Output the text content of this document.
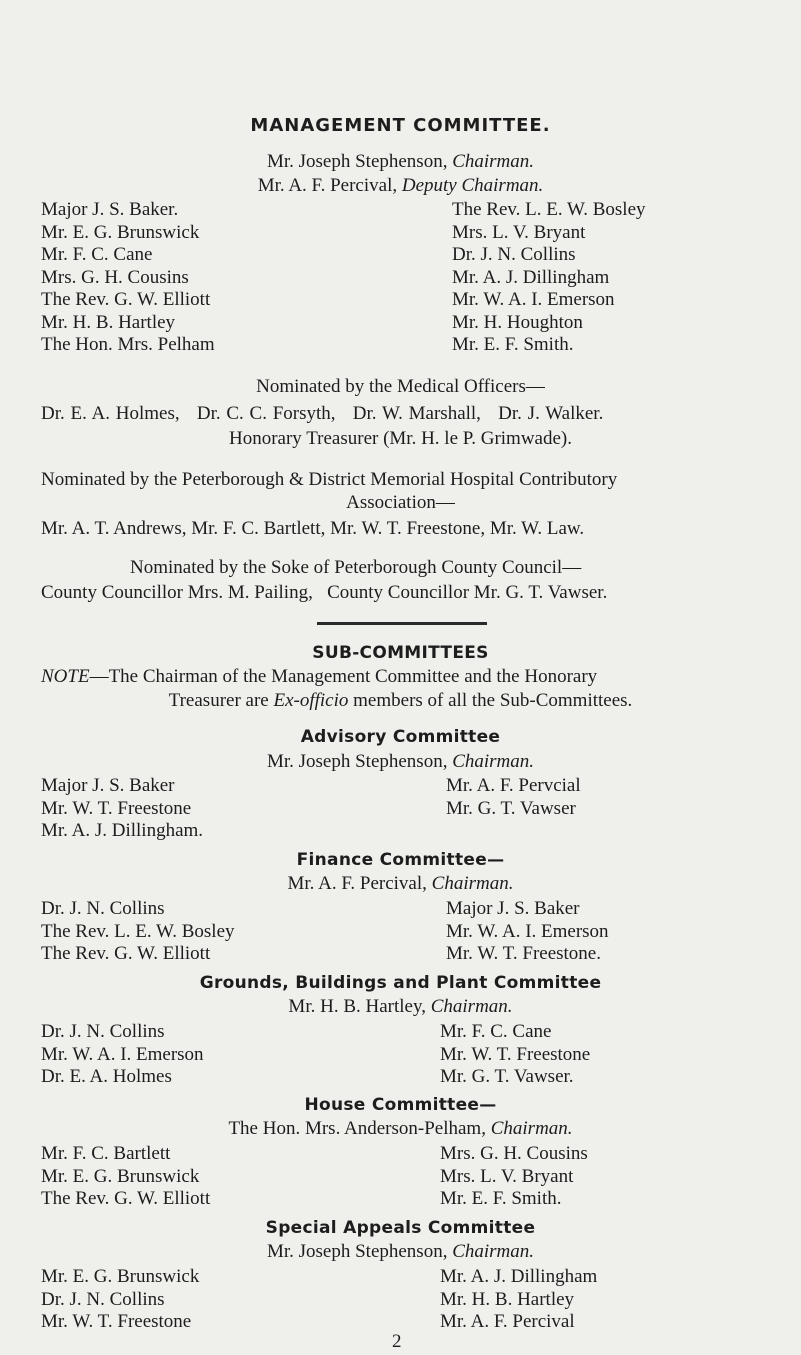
MANAGEMENT COMMITTEE.
Mr. Joseph Stephenson, Chairman.
Mr. A. F. Percival, Deputy Chairman.
Major J. S. Baker.
Mr. E. G. Brunswick
Mr. F. C. Cane
Mrs. G. H. Cousins
The Rev. G. W. Elliott
Mr. H. B. Hartley
The Hon. Mrs. Pelham
The Rev. L. E. W. Bosley
Mrs. L. V. Bryant
Dr. J. N. Collins
Mr. A. J. Dillingham
Mr. W. A. I. Emerson
Mr. H. Houghton
Mr. E. F. Smith.
Nominated by the Medical Officers—
Dr. E. A. Holmes,   Dr. C. C. Forsyth,   Dr. W. Marshall,   Dr. J. Walker.
Honorary Treasurer (Mr. H. le P. Grimwade).
Nominated by the Peterborough & District Memorial Hospital Contributory
Association—
Mr. A. T. Andrews, Mr. F. C. Bartlett, Mr. W. T. Freestone, Mr. W. Law.
Nominated by the Soke of Peterborough County Council—
County Councillor Mrs. M. Pailing,   County Councillor Mr. G. T. Vawser.
SUB-COMMITTEES
NOTE—The Chairman of the Management Committee and the Honorary
Treasurer are Ex-officio members of all the Sub-Committees.
Advisory Committee
Mr. Joseph Stephenson, Chairman.
Major J. S. Baker
Mr. W. T. Freestone
Mr. A. J. Dillingham.
Mr. A. F. Pervcial
Mr. G. T. Vawser
Finance Committee—
Mr. A. F. Percival, Chairman.
Dr. J. N. Collins
The Rev. L. E. W. Bosley
The Rev. G. W. Elliott
Major J. S. Baker
Mr. W. A. I. Emerson
Mr. W. T. Freestone.
Grounds, Buildings and Plant Committee
Mr. H. B. Hartley, Chairman.
Dr. J. N. Collins
Mr. W. A. I. Emerson
Dr. E. A. Holmes
Mr. F. C. Cane
Mr. W. T. Freestone
Mr. G. T. Vawser.
House Committee—
The Hon. Mrs. Anderson-Pelham, Chairman.
Mr. F. C. Bartlett
Mr. E. G. Brunswick
The Rev. G. W. Elliott
Mrs. G. H. Cousins
Mrs. L. V. Bryant
Mr. E. F. Smith.
Special Appeals Committee
Mr. Joseph Stephenson, Chairman.
Mr. E. G. Brunswick
Dr. J. N. Collins
Mr. W. T. Freestone
Mr. A. J. Dillingham
Mr. H. B. Hartley
Mr. A. F. Percival
2
